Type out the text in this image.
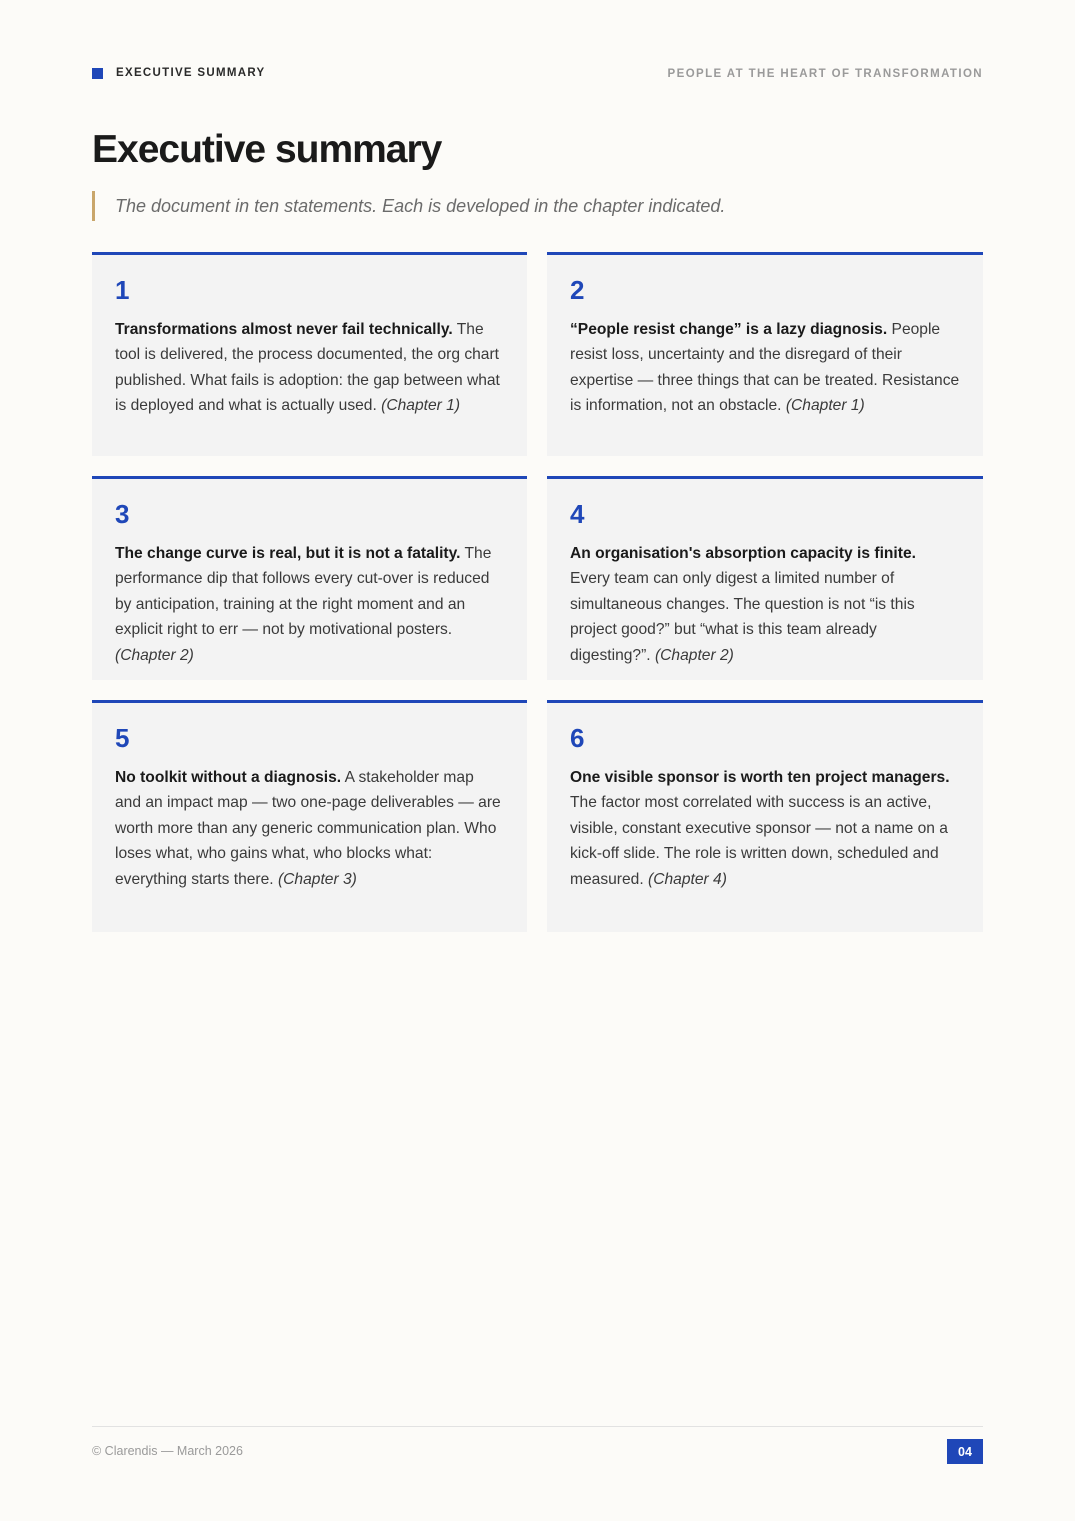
EXECUTIVE SUMMARY	PEOPLE AT THE HEART OF TRANSFORMATION
Executive summary
The document in ten statements. Each is developed in the chapter indicated.
1
Transformations almost never fail technically. The tool is delivered, the process documented, the org chart published. What fails is adoption: the gap between what is deployed and what is actually used. (Chapter 1)
2
“People resist change” is a lazy diagnosis. People resist loss, uncertainty and the disregard of their expertise — three things that can be treated. Resistance is information, not an obstacle. (Chapter 1)
3
The change curve is real, but it is not a fatality. The performance dip that follows every cut-over is reduced by anticipation, training at the right moment and an explicit right to err — not by motivational posters. (Chapter 2)
4
An organisation's absorption capacity is finite. Every team can only digest a limited number of simultaneous changes. The question is not “is this project good?” but “what is this team already digesting?”. (Chapter 2)
5
No toolkit without a diagnosis. A stakeholder map and an impact map — two one-page deliverables — are worth more than any generic communication plan. Who loses what, who gains what, who blocks what: everything starts there. (Chapter 3)
6
One visible sponsor is worth ten project managers. The factor most correlated with success is an active, visible, constant executive sponsor — not a name on a kick-off slide. The role is written down, scheduled and measured. (Chapter 4)
© Clarendis — March 2026	04
